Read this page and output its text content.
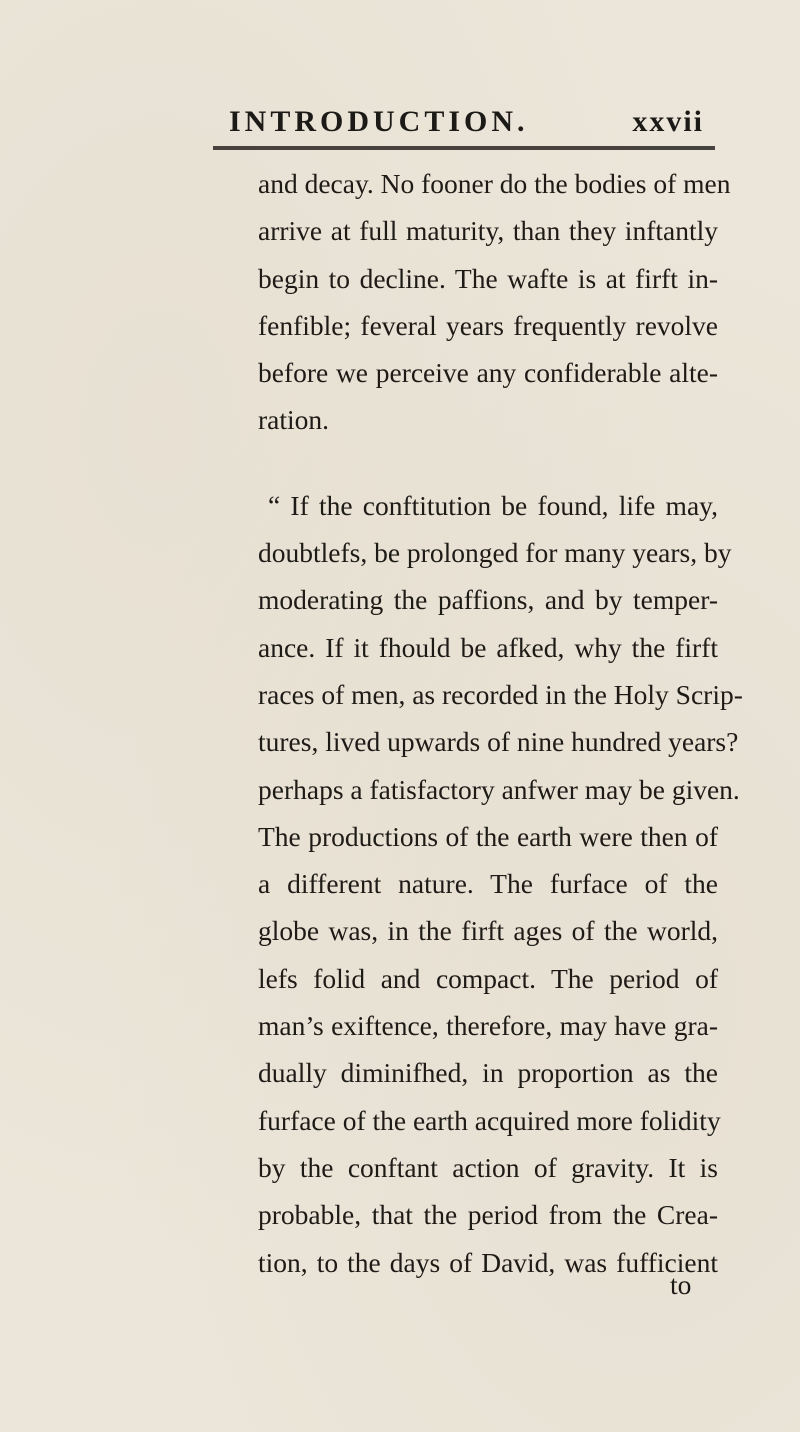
INTRODUCTION.	xxvii
and decay. No fooner do the bodies of men
arrive at full maturity, than they inftantly
begin to decline. The wafte is at firft in-
fenfible; feveral years frequently revolve
before we perceive any confiderable alte-
ration.
“ If the conftitution be found, life may,
doubtlefs, be prolonged for many years, by
moderating the paffions, and by temper-
ance. If it fhould be afked, why the firft
races of men, as recorded in the Holy Scrip-
tures, lived upwards of nine hundred years?
perhaps a fatisfactory anfwer may be given.
The productions of the earth were then of
a different nature. The furface of the
globe was, in the firft ages of the world,
lefs folid and compact. The period of
man’s exiftence, therefore, may have gra-
dually diminifhed, in proportion as the
furface of the earth acquired more folidity
by the conftant action of gravity. It is
probable, that the period from the Crea-
tion, to the days of David, was fufficient
to
